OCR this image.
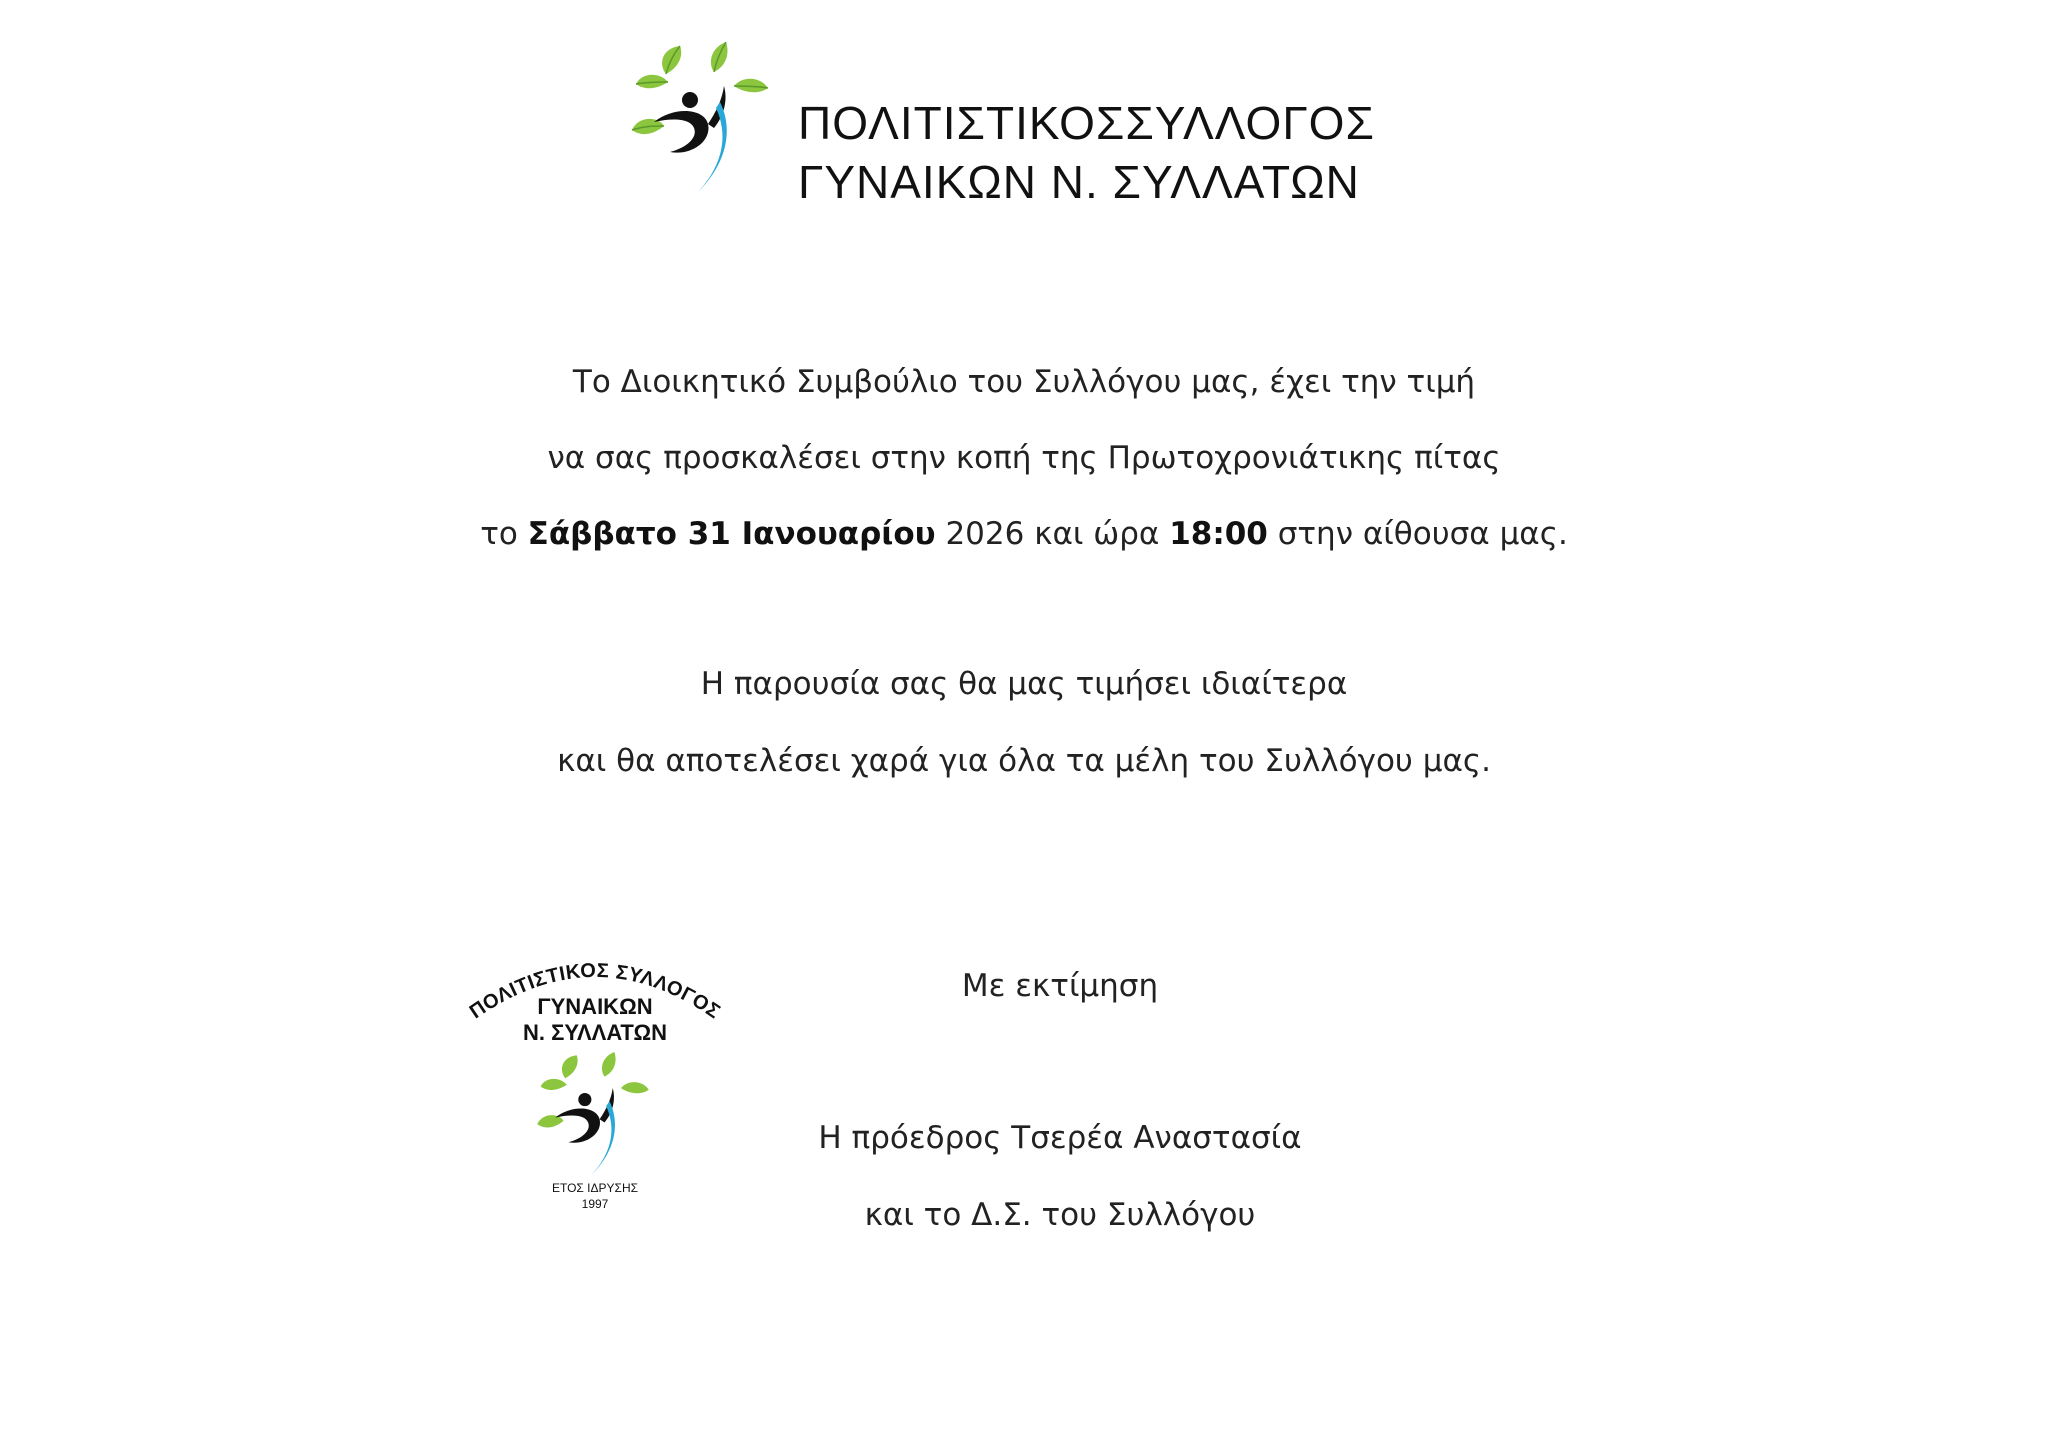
ΠΟΛΙΤΙΣΤΙΚΟΣΣΥΛΛΟΓΟΣ
ΓΥΝΑΙΚΩΝ Ν. ΣΥΛΛΑΤΩΝ
Το Διοικητικό Συμβούλιο του Συλλόγου μας, έχει την τιμή
να σας προσκαλέσει στην κοπή της Πρωτοχρονιάτικης πίτας
το Σάββατο 31 Ιανουαρίου 2026 και ώρα 18:00 στην αίθουσα μας.
Η παρουσία σας θα μας τιμήσει ιδιαίτερα
και θα αποτελέσει χαρά για όλα τα μέλη του Συλλόγου μας.
Με εκτίμηση
Η πρόεδρος Τσερέα Αναστασία
και το Δ.Σ. του Συλλόγου
ΠΟΛΙΤΙΣΤΙΚΟΣ ΣΥΛΛΟΓΟΣ
ΓΥΝΑΙΚΩΝ
Ν. ΣΥΛΛΑΤΩΝ
ΕΤΟΣ ΙΔΡΥΣΗΣ
1997
